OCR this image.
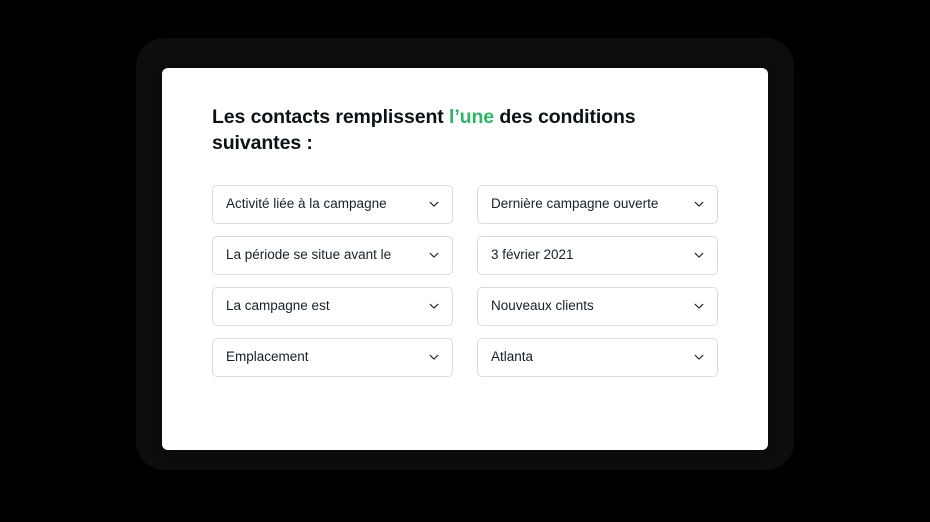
Les contacts remplissent l’une des conditions suivantes :
Activité liée à la campagne	Dernière campagne ouverte
La période se situe avant le	3 février 2021
La campagne est	Nouveaux clients
Emplacement	Atlanta
